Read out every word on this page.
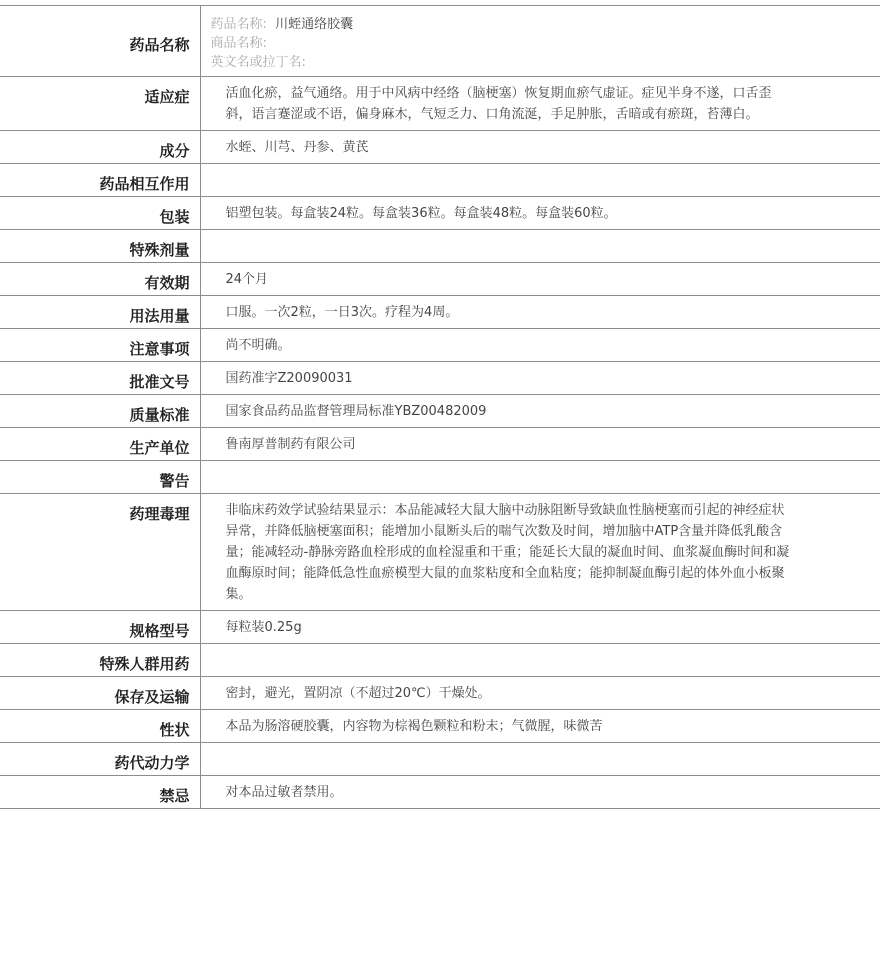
药品名称	药品名称: 川蛭通络胶囊
商品名称:
英文名或拉丁名:

适应症	活血化瘀，益气通络。用于中风病中经络（脑梗塞）恢复期血瘀气虚证。症见半身不遂，口舌歪斜，语言蹇涩或不语，偏身麻木，气短乏力、口角流涎，手足肿胀，舌暗或有瘀斑，苔薄白。
成分	水蛭、川芎、丹参、黄芪
药品相互作用	
包装	铝塑包装。每盒装24粒。每盒装36粒。每盒装48粒。每盒装60粒。
特殊剂量	
有效期	24个月
用法用量	口服。一次2粒，一日3次。疗程为4周。
注意事项	尚不明确。
批准文号	国药准字Z20090031
质量标准	国家食品药品监督管理局标准YBZ00482009
生产单位	鲁南厚普制药有限公司
警告	
药理毒理	非临床药效学试验结果显示：本品能减轻大鼠大脑中动脉阻断导致缺血性脑梗塞而引起的神经症状异常，并降低脑梗塞面积；能增加小鼠断头后的喘气次数及时间，增加脑中ATP含量并降低乳酸含量；能减轻动-静脉旁路血栓形成的血栓湿重和干重；能延长大鼠的凝血时间、血浆凝血酶时间和凝血酶原时间；能降低急性血瘀模型大鼠的血浆粘度和全血粘度；能抑制凝血酶引起的体外血小板聚集。
规格型号	每粒装0.25g
特殊人群用药	
保存及运输	密封，避光，置阴凉（不超过20℃）干燥处。
性状	本品为肠溶硬胶囊，内容物为棕褐色颗粒和粉末；气微腥，味微苦
药代动力学	
禁忌	对本品过敏者禁用。
